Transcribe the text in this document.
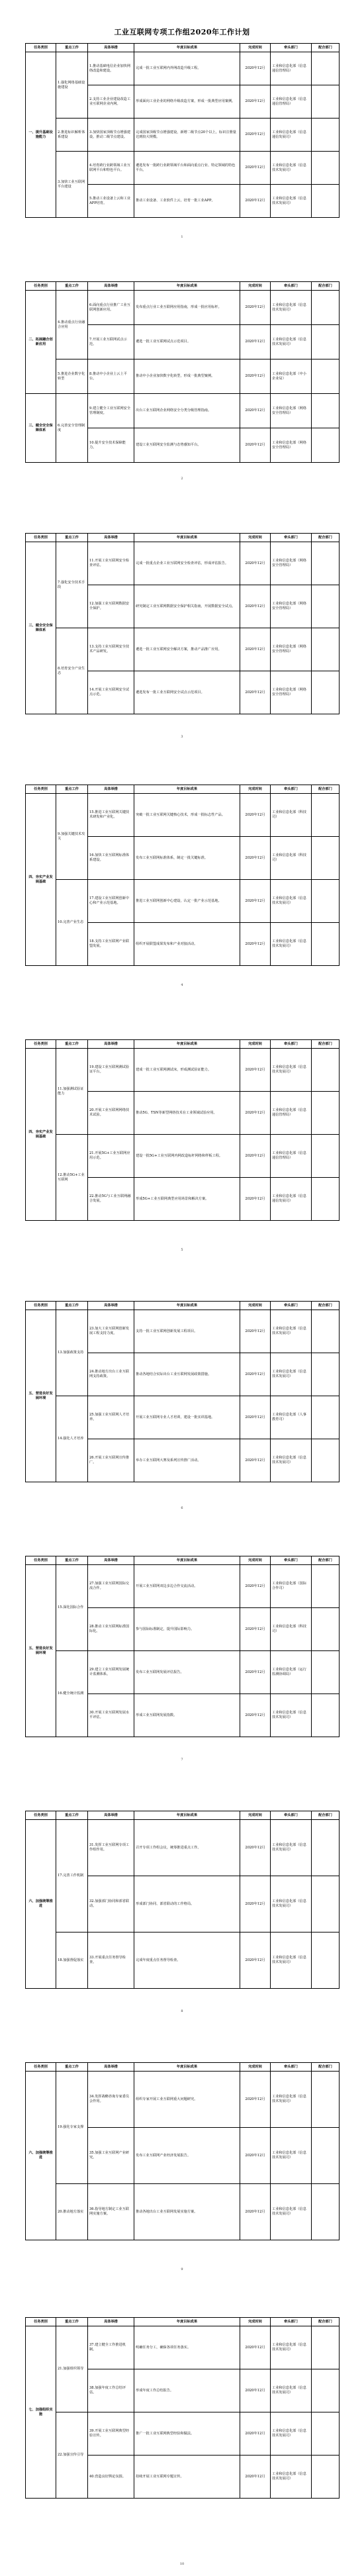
工业互联网专项工作组2020年工作计划
任务类别	重点工作	具体举措	年度目标成果	完成时间	牵头部门	配合部门
一、提升基础设施能力	1.强化网络基础设施建设	1.推动基础电信企业加快网络改造和建设。	完成一批工业互联网内外网改造升级工程。	2020年12月	工业和信息化部（信息通信管理局）	
		2.支持工业企业建设改造工业互联网企业内网。	形成面向工业企业的网络升级改造方案，形成一批典型应用案例。	2020年12月	工业和信息化部（信息通信管理局）	
	2.推进标识解析体系建设	3.加快国家顶级节点增强建设，推动二级节点建设。	完成国家顶级节点增强建设，新增二级节点20个以上，标识注册量达到较大规模。	2020年12月	工业和信息化部（信息通信发展司）	
	3.加快工业互联网平台建设	4.培育跨行业跨领域工业互联网平台和特色平台。	遴选发布一批跨行业跨领域平台和面向重点行业、特定领域的特色平台。	2020年12月	工业和信息化部（信息技术发展司）	
		5.推动工业设备上云和工业APP培育。	推动工业设备、工业软件上云，培育一批工业APP。	2020年12月	工业和信息化部（信息技术发展司）	
1
任务类别	重点工作	具体举措	年度目标成果	完成时间	牵头部门	配合部门
二、拓展融合创新应用	4.推动重点行业融合应用	6.面向重点行业推广工业互联网创新应用。	发布重点行业工业互联网应用指南，形成一批应用标杆。	2020年12月	工业和信息化部（信息技术发展司）	
		7.开展工业互联网试点示范。	遴选一批工业互联网试点示范项目。	2020年12月	工业和信息化部（信息技术发展司）	
	5.推进企业数字化转型	8.推动中小企业上云上平台。	推动中小企业加快数字化转型，形成一批典型案例。	2020年12月	工业和信息化部（中小企业局）	
三、健全安全保障体系	6.完善安全管理制度	9.建立健全工业互联网安全管理制度。	出台工业互联网企业网络安全分类分级管理指南。	2020年12月	工业和信息化部（网络安全管理局）	
		10.提升安全技术保障能力。	建设工业互联网安全监测与态势感知平台。	2020年12月	工业和信息化部（网络安全管理局）	
2
任务类别	重点工作	具体举措	年度目标成果	完成时间	牵头部门	配合部门
三、健全安全保障体系	7.强化安全技术手段	11.开展工业互联网安全检查评估。	完成一批重点企业工业互联网安全检查评估，形成评估报告。	2020年12月	工业和信息化部（网络安全管理局）	
		12.加强工业互联网数据安全保护。	研究制定工业互联网数据安全保护相关指南，开展数据安全试点。	2020年12月	工业和信息化部（网络安全管理局）	
	8.培育安全产业生态	13.支持工业互联网安全技术产品研发。	遴选一批工业互联网安全解决方案，推动产品推广应用。	2020年12月	工业和信息化部（网络安全管理局）	
		14.开展工业互联网安全试点示范。	遴选发布一批工业互联网安全试点示范项目。	2020年12月	工业和信息化部（网络安全管理局）	
3
任务类别	重点工作	具体举措	年度目标成果	完成时间	牵头部门	配合部门
四、夯实产业发展基础	9.加强关键技术攻关	15.推进工业互联网关键技术研发和产业化。	突破一批工业互联网关键核心技术，形成一批标志性产品。	2020年12月	工业和信息化部（科技司）	
		16.加快工业互联网标准体系建设。	发布工业互联网标准体系，制定一批关键标准。	2020年12月	工业和信息化部（科技司）	
	10.完善产业生态	17.建设工业互联网创新中心和产业示范基地。	推进工业互联网创新中心建设，认定一批产业示范基地。	2020年12月	工业和信息化部（信息技术发展司）	
		18.支持工业互联网产业联盟发展。	组织开展联盟成果发布和产业对接活动。	2020年12月	工业和信息化部（信息技术发展司）	
4
任务类别	重点工作	具体举措	年度目标成果	完成时间	牵头部门	配合部门
四、夯实产业发展基础	11.加强测试验证能力	19.建设工业互联网测试验证平台。	建成一批工业互联网测试床，形成测试验证能力。	2020年12月	工业和信息化部（信息技术发展司）	
		20.开展工业互联网网络技术试验。	推动5G、TSN等新型网络技术在工业领域试验应用。	2020年12月	工业和信息化部（信息通信管理局）	
	12.推动5G+工业互联网	21.开展5G+工业互联网应用示范。	建设一批5G+工业互联网内网改造标杆网络和样板工程。	2020年12月	工业和信息化部（信息通信管理局）	
		22.推动5G与工业互联网融合发展。	形成5G+工业互联网典型应用场景和解决方案。	2020年12月	工业和信息化部（信息通信发展司）	
5
任务类别	重点工作	具体举措	年度目标成果	完成时间	牵头部门	配合部门
五、营造良好发展环境	13.加强政策支持	23.加大工业互联网创新发展工程支持力度。	支持一批工业互联网创新发展工程项目。	2020年12月	工业和信息化部（信息技术发展司）	
		24.推动地方出台工业互联网支持政策。	推动各地结合实际出台工业互联网发展政策措施。	2020年12月	工业和信息化部（信息技术发展司）	
	14.强化人才培养	25.加强工业互联网人才培养。	开展工业互联网专业人才培训，建设一批实训基地。	2020年12月	工业和信息化部（人事教育司）	
		26.开展工业互联网宣传推广。	举办工业互联网大赛及系列宣传推广活动。	2020年12月	工业和信息化部（信息技术发展司）	
6
任务类别	重点工作	具体举措	年度目标成果	完成时间	牵头部门	配合部门
五、营造良好发展环境	15.深化国际合作	27.加强工业互联网国际交流合作。	开展工业互联网双边多边合作交流活动。	2020年12月	工业和信息化部（国际合作司）	
		28.推动工业互联网标准国际化。	参与国际标准制定，提升国际影响力。	2020年12月	工业和信息化部（科技司）	
	16.健全统计监测	29.建立工业互联网发展统计监测体系。	发布工业互联网发展评估报告。	2020年12月	工业和信息化部（运行监测协调局）	
		30.开展工业互联网发展水平评估。	形成工业互联网发展指数。	2020年12月	工业和信息化部（信息技术发展司）	
7
任务类别	重点工作	具体举措	年度目标成果	完成时间	牵头部门	配合部门
六、加强统筹推进	17.完善工作机制	31.发挥工业互联网专项工作组作用。	召开专项工作组会议，统筹推进重点工作。	2020年12月	工业和信息化部（信息技术发展司）	
		32.加强部门协同和部省联动。	形成部门协同、部省联动的工作格局。	2020年12月	工业和信息化部（信息技术发展司）	
	18.加强督促落实	33.开展重点任务督导检查。	完成年度重点任务督导检查。	2020年12月	工业和信息化部（信息技术发展司）	
8
任务类别	重点工作	具体举措	年度目标成果	完成时间	牵头部门	配合部门
六、加强统筹推进	19.强化专家支撑	34.发挥战略咨询专家委员会作用。	组织专家开展工业互联网重大问题研究。	2020年12月	工业和信息化部（信息技术发展司）	
		35.加强工业互联网产业研究。	发布工业互联网产业经济发展报告。	2020年12月	工业和信息化部（信息技术发展司）	
	20.推动地方落实	36.指导地方制定工业互联网实施方案。	推动各地出台工业互联网发展实施方案。	2020年12月	工业和信息化部（信息技术发展司）	
9
任务类别	重点工作	具体举措	年度目标成果	完成时间	牵头部门	配合部门
七、加强组织实施	21.加强组织领导	37.建立健全工作推进机制。	明确任务分工，确保各项任务落实。	2020年12月	工业和信息化部（信息技术发展司）	
		38.加强年度工作总结评估。	形成年度工作总结报告。	2020年12月	工业和信息化部（信息技术发展司）	
	22.加强宣传引导	39.开展工业互联网典型经验宣传。	推广一批工业互联网典型经验和做法。	2020年12月	工业和信息化部（信息技术发展司）	
		40.营造良好舆论氛围。	持续开展工业互联网专题宣传。	2020年12月	工业和信息化部（信息技术发展司）	
10
